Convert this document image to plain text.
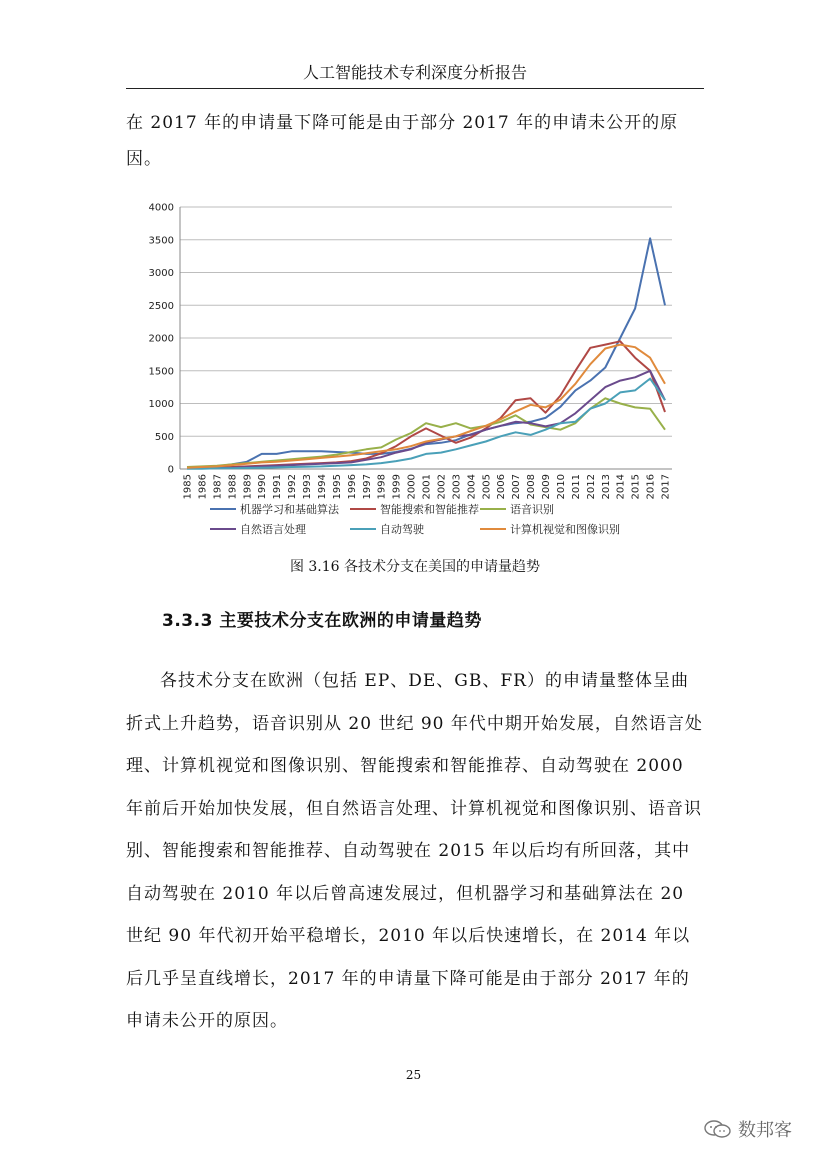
人工智能技术专利深度分析报告

在 2017 年的申请量下降可能是由于部分 2017 年的申请未公开的原因。

0
500
1000
1500
2000
2500
3000
3500
4000
1985 1986 1987 1988 1989 1990 1991 1992 1993 1994 1995 1996 1997 1998 1999 2000 2001 2002 2003 2004 2005 2006 2007 2008 2009 2010 2011 2012 2013 2014 2015 2016 2017
机器学习和基础算法	智能搜索和智能推荐	语音识别
自然语言处理	自动驾驶	计算机视觉和图像识别
图 3.16 各技术分支在美国的申请量趋势
3.3.3 主要技术分支在欧洲的申请量趋势

各技术分支在欧洲（包括 EP、DE、GB、FR）的申请量整体呈曲折式上升趋势，语音识别从 20 世纪 90 年代中期开始发展，自然语言处理、计算机视觉和图像识别、智能搜索和智能推荐、自动驾驶在 2000 年前后开始加快发展，但自然语言处理、计算机视觉和图像识别、语音识别、智能搜索和智能推荐、自动驾驶在 2015 年以后均有所回落，其中自动驾驶在 2010 年以后曾高速发展过，但机器学习和基础算法在 20 世纪 90 年代初开始平稳增长，2010 年以后快速增长，在 2014 年以后几乎呈直线增长，2017 年的申请量下降可能是由于部分 2017 年的申请未公开的原因。

25
数邦客
